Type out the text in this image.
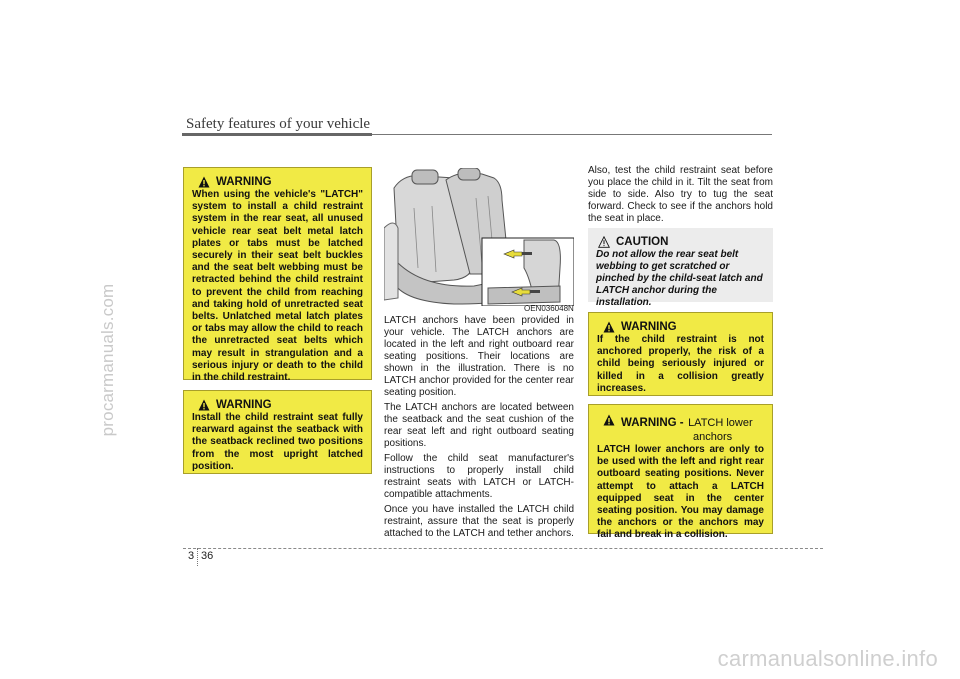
procarmanuals.com
carmanualsonline.info
Safety features of your vehicle
WARNING
When using the vehicle's "LATCH" system to install a child restraint system in the rear seat, all unused vehicle rear seat belt metal latch plates or tabs must be latched securely in their seat belt buckles and the seat belt webbing must be retracted behind the child restraint to prevent the child from reaching and taking hold of unretracted seat belts. Unlatched metal latch plates or tabs may allow the child to reach the unretracted seat belts which may result in strangulation and a serious injury or death to the child in the child restraint.
WARNING
Install the child restraint seat fully rearward against the seatback with the seatback reclined two positions from the most upright latched position.
OEN036048N

LATCH anchors have been provided in your vehicle. The LATCH anchors are located in the left and right outboard rear seating positions. Their locations are shown in the illustration. There is no LATCH anchor provided for the center rear seating position.

The LATCH anchors are located between the seatback and the seat cushion of the rear seat left and right outboard seating positions.

Follow the child seat manufacturer's instructions to properly install child restraint seats with LATCH or LATCH-compatible attachments.

Once you have installed the LATCH child restraint, assure that the seat is properly attached to the LATCH and tether anchors.

Also, test the child restraint seat before you place the child in it. Tilt the seat from side to side. Also try to tug the seat forward. Check to see if the anchors hold the seat in place.

CAUTION
Do not allow the rear seat belt webbing to get scratched or pinched by the child-seat latch and LATCH anchor during the installation.
WARNING
If the child restraint is not anchored properly, the risk of a child being seriously injured or killed in a collision greatly increases.
WARNING - LATCH lower
anchors
LATCH lower anchors are only to be used with the left and right rear outboard seating positions. Never attempt to attach a LATCH equipped seat in the center seating position. You may damage the anchors or the anchors may fail and break in a collision.
3 36
